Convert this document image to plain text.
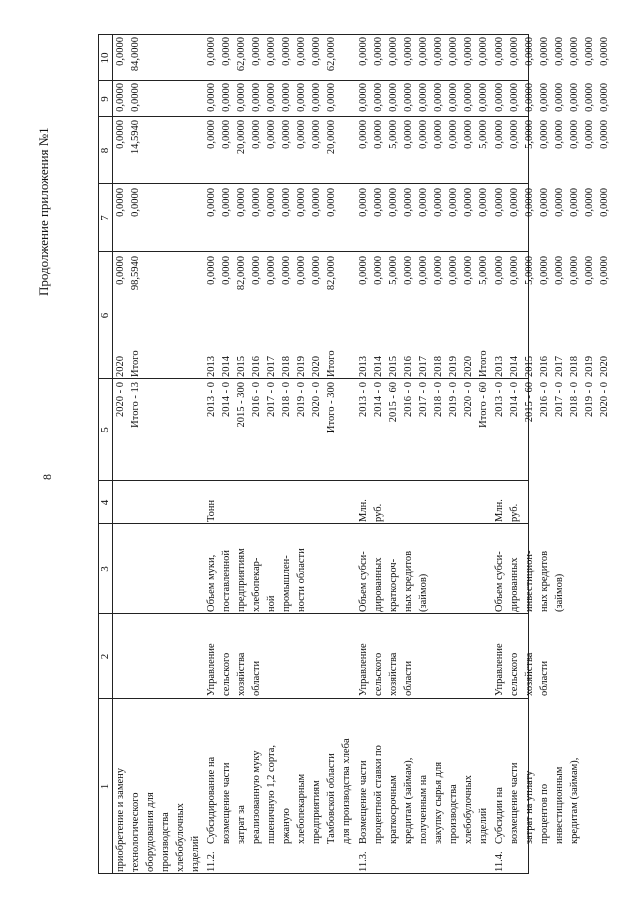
8
Продолжение приложения №1
1
2
3
4
5
6
7
8
9
10
приобретение и замену
технологического
оборудования для
производства
хлебобулочных
изделий
2020 - 0
Итого - 13
2020
Итого
0,0000
98,5940
0,0000
0,0000
0,0000
14,5940
0,0000
0,0000
0,0000
84,0000
11.2.
Субсидирование на
возмещение части
затрат за
реализованную муку
пшеничную 1,2 сорта,
ржаную
хлебопекарным
предприятиям
Тамбовской области
для производства хлеба
Управление
сельского
хозяйства
области
Объем муки,
поставленной
предприятиям
хлебопекар-
ной
промышлен-
ности области
Тонн
2013 - 0
2014 - 0
2015 - 300
2016 - 0
2017 - 0
2018 - 0
2019 - 0
2020 - 0
Итого - 300
2013
2014
2015
2016
2017
2018
2019
2020
Итого
0,0000
0,0000
82,0000
0,0000
0,0000
0,0000
0,0000
0,0000
82,0000
0,0000
0,0000
0,0000
0,0000
0,0000
0,0000
0,0000
0,0000
0,0000
0,0000
0,0000
20,0000
0,0000
0,0000
0,0000
0,0000
0,0000
20,0000
0,0000
0,0000
0,0000
0,0000
0,0000
0,0000
0,0000
0,0000
0,0000
0,0000
0,0000
62,0000
0,0000
0,0000
0,0000
0,0000
0,0000
62,0000
11.3.
Возмещение части
процентной ставки по
краткосрочным
кредитам (займам),
полученным на
закупку сырья для
производства
хлебобулочных
изделий
Управление
сельского
хозяйства
области
Объем субси-
дированных
краткосроч-
ных кредитов
(займов)
Млн.
руб.
2013 - 0
2014 - 0
2015 - 60
2016 - 0
2017 - 0
2018 - 0
2019 - 0
2020 - 0
Итого - 60
2013
2014
2015
2016
2017
2018
2019
2020
Итого
0,0000
0,0000
5,0000
0,0000
0,0000
0,0000
0,0000
0,0000
5,0000
0,0000
0,0000
0,0000
0,0000
0,0000
0,0000
0,0000
0,0000
0,0000
0,0000
0,0000
5,0000
0,0000
0,0000
0,0000
0,0000
0,0000
5,0000
0,0000
0,0000
0,0000
0,0000
0,0000
0,0000
0,0000
0,0000
0,0000
0,0000
0,0000
0,0000
0,0000
0,0000
0,0000
0,0000
0,0000
0,0000
11.4.
Субсидии на
возмещение части
затрат на уплату
процентов по
инвестиционным
кредитам (займам),
Управление
сельского
хозяйства
области
Объем субси-
дированных
инвестицион-
ных кредитов
(займов)
Млн.
руб.
2013 - 0
2014 - 0
2015 - 60
2016 - 0
2017 - 0
2018 - 0
2019 - 0
2020 - 0
2013
2014
2015
2016
2017
2018
2019
2020
0,0000
0,0000
5,0000
0,0000
0,0000
0,0000
0,0000
0,0000
0,0000
0,0000
0,0000
0,0000
0,0000
0,0000
0,0000
0,0000
0,0000
0,0000
5,0000
0,0000
0,0000
0,0000
0,0000
0,0000
0,0000
0,0000
0,0000
0,0000
0,0000
0,0000
0,0000
0,0000
0,0000
0,0000
0,0000
0,0000
0,0000
0,0000
0,0000
0,0000
